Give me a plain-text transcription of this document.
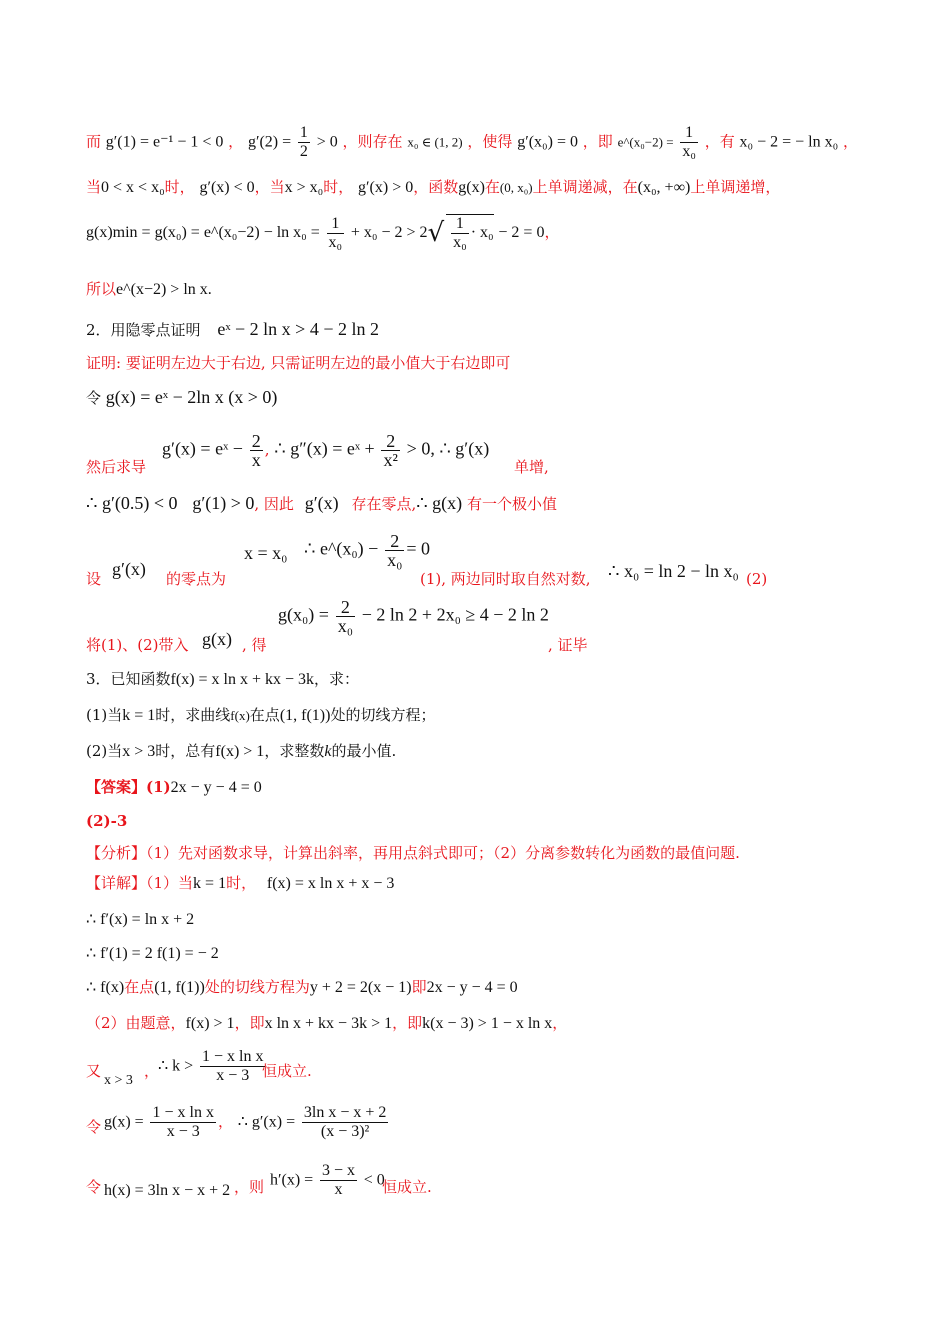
而 g′(1) = e⁻¹ − 1 < 0 ， $g'(2) = \frac{1}{2} > 0$ ，则存在 x₀ ∈ (1, 2) ，使得 g′(x₀) = 0 ，即 e^(x₀−2) = $\frac{1}{\text{x₀}}$ ，有 x₀ − 2 = − ln x₀ ，
当0 < x < x₀时， g′(x) < 0，当x > x₀时， g′(x) > 0，函数g(x)在(0, x₀)上单调递减，在(x₀, +∞)上单调递增，
g(x)min = g(x₀) = e^(x₀−2) − $\ln x_0 = \frac{1}{\text{x₀}} + x_0 - 2 > 2√ \frac{1}{\text{x₀}} \cdot x_0 - 2 = 0$，
所以e^(x−2) > ln x.
2．用隐零点证明 eˣ − 2 ln x > 4 − 2 ln 2
证明: 要证明左边大于右边, 只需证明左边的最小值大于右边即可
令 g(x) = eˣ − 2ln x (x > 0)
然后求导
g′(x) = eˣ − $\frac{2}{x}$ , ∴ g″(x) = eˣ + $\frac{2}{\text{x²}} > 0$, ∴ g′(x)
单增,
∴ g′(0.5) < 0 g′(1) > 0, 因此 g′(x) 存在零点,∴ g(x) 有一个极小值
设 g′(x) 的零点为
x = x₀ ∴ e^(x₀) − $\frac{2}{\text{x₀}} = 0$
(1), 两边同时取自然对数, ∴ x₀ = ln 2 − ln x₀ (2)
将(1)、(2)带入 g(x) , 得
$g(x_0) = \frac{2}{\text{x₀}} - 2$ ln 2 + 2x₀ ≥ 4 − 2 ln 2
, 证毕
3．已知函数f(x) = x ln x + kx − 3k，求：
(1)当k = 1时，求曲线f(x)在点(1, f(1))处的切线方程；
(2)当x > 3时，总有f(x) > 1，求整数k的最小值.
【答案】(1)2x − y − 4 = 0
(2)-3
【分析】（1）先对函数求导，计算出斜率，再用点斜式即可；（2）分离参数转化为函数的最值问题.
【详解】（1）当k = 1时， f(x) = x ln x + x − 3
∴ f′(x) = ln x + 2
∴ f′(1) = 2 f(1) = − 2
∴ f(x)在点(1, f(1))处的切线方程为y + 2 = 2(x − 1)即2x − y − 4 = 0
（2）由题意，f(x) > 1，即x ln x + kx − 3k > 1，即k(x − 3) > 1 − x ln x，
又
x > 3
，
∴ $k > \frac{\text{1 − x ln x}}{x - 3}$
恒成立.
令 $g(x) = \frac{\text{1 − x ln x}}{x - 3}$ ， ∴ $g'(x) = \frac{\text{3ln x − x + 2}}{\text{(x − 3)²}}$
令 h(x) = 3ln x − x + 2 ，则 $h'(x) = \frac{3 - x}{x} < 0$
恒成立.
